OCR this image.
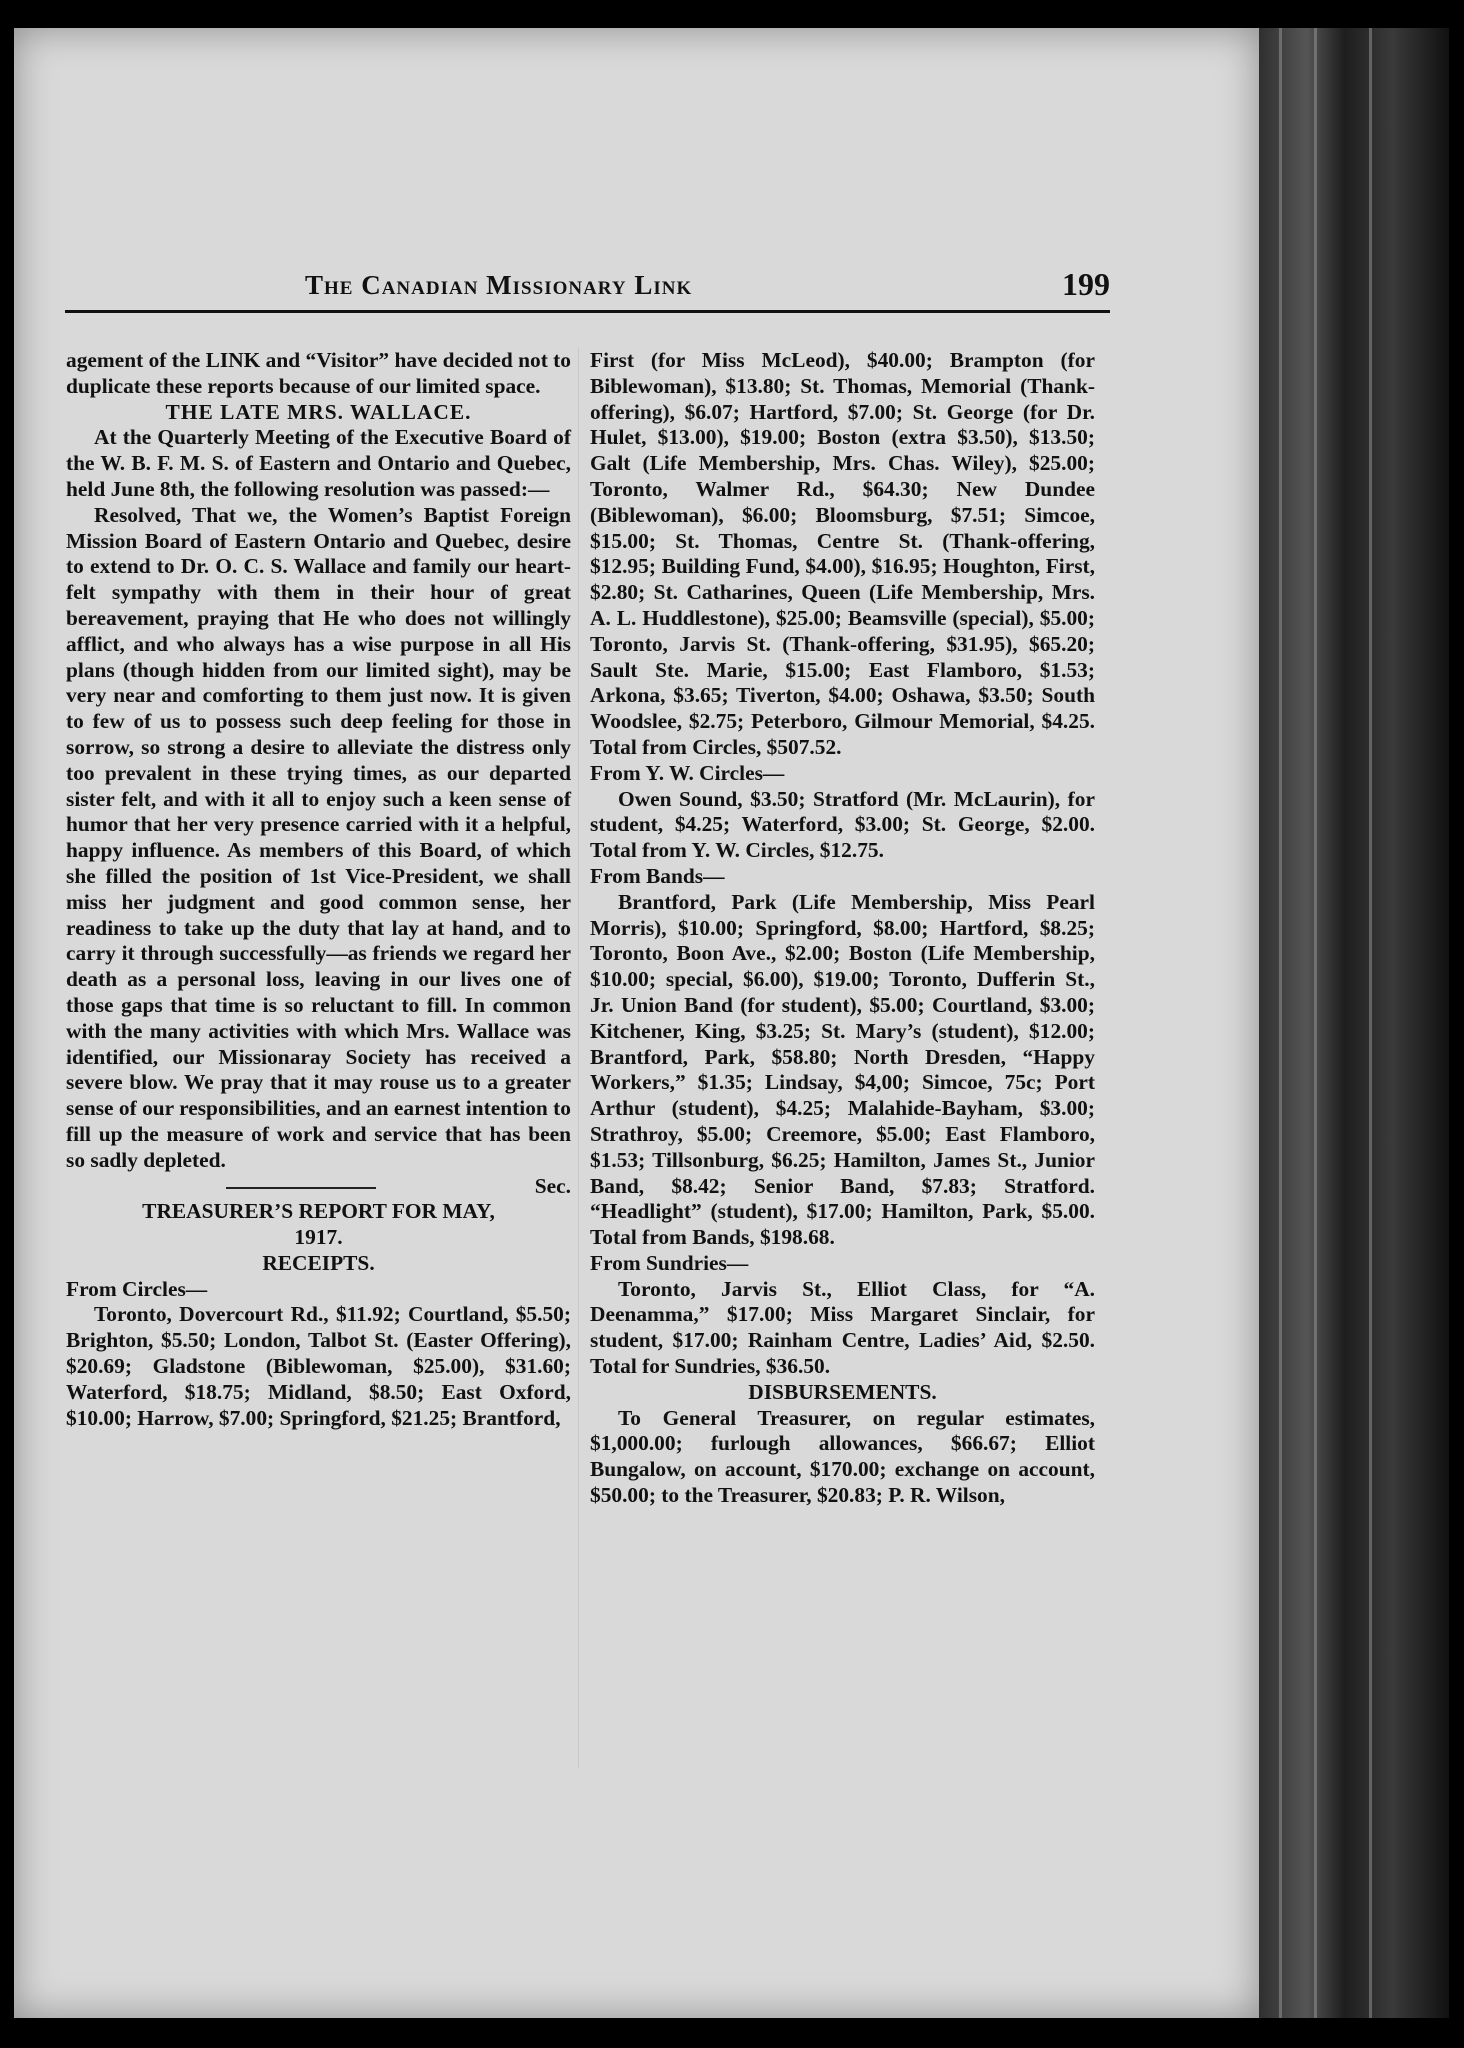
The Canadian Missionary Link	199

agement of the LINK and “Visitor” have decided not to duplicate these reports because of our limited space.

THE LATE MRS. WALLACE.

At the Quarterly Meeting of the Executive Board of the W. B. F. M. S. of Eastern and Ontario and Quebec, held June 8th, the following resolution was passed:—

Resolved, That we, the Women’s Baptist Foreign Mission Board of Eastern Ontario and Quebec, desire to extend to Dr. O. C. S. Wallace and family our heart-felt sympathy with them in their hour of great bereavement, praying that He who does not willingly afflict, and who always has a wise purpose in all His plans (though hidden from our limited sight), may be very near and comforting to them just now. It is given to few of us to possess such deep feeling for those in sorrow, so strong a desire to alleviate the distress only too prevalent in these trying times, as our departed sister felt, and with it all to enjoy such a keen sense of humor that her very presence carried with it a helpful, happy influence. As members of this Board, of which she filled the position of 1st Vice-President, we shall miss her judgment and good common sense, her readiness to take up the duty that lay at hand, and to carry it through successfully—as friends we regard her death as a personal loss, leaving in our lives one of those gaps that time is so reluctant to fill. In common with the many activities with which Mrs. Wallace was identified, our Missionaray Society has received a severe blow. We pray that it may rouse us to a greater sense of our responsibilities, and an earnest intention to fill up the measure of work and service that has been so sadly depleted.

Sec.

TREASURER’S REPORT FOR MAY,

1917.

RECEIPTS.

From Circles—

Toronto, Dovercourt Rd., $11.92; Courtland, $5.50; Brighton, $5.50; London, Talbot St. (Easter Offering), $20.69; Gladstone (Biblewoman, $25.00), $31.60; Waterford, $18.75; Midland, $8.50; East Oxford, $10.00; Harrow, $7.00; Springford, $21.25; Brantford,

First (for Miss McLeod), $40.00; Brampton (for Biblewoman), $13.80; St. Thomas, Memorial (Thank-offering), $6.07; Hartford, $7.00; St. George (for Dr. Hulet, $13.00), $19.00; Boston (extra $3.50), $13.50; Galt (Life Membership, Mrs. Chas. Wiley), $25.00; Toronto, Walmer Rd., $64.30; New Dundee (Biblewoman), $6.00; Bloomsburg, $7.51; Simcoe, $15.00; St. Thomas, Centre St. (Thank-offering, $12.95; Building Fund, $4.00), $16.95; Houghton, First, $2.80; St. Catharines, Queen (Life Membership, Mrs. A. L. Huddlestone), $25.00; Beamsville (special), $5.00; Toronto, Jarvis St. (Thank-offering, $31.95), $65.20; Sault Ste. Marie, $15.00; East Flamboro, $1.53; Arkona, $3.65; Tiverton, $4.00; Oshawa, $3.50; South Woodslee, $2.75; Peterboro, Gilmour Memorial, $4.25. Total from Circles, $507.52.

From Y. W. Circles—

Owen Sound, $3.50; Stratford (Mr. McLaurin), for student, $4.25; Waterford, $3.00; St. George, $2.00. Total from Y. W. Circles, $12.75.

From Bands—

Brantford, Park (Life Membership, Miss Pearl Morris), $10.00; Springford, $8.00; Hartford, $8.25; Toronto, Boon Ave., $2.00; Boston (Life Membership, $10.00; special, $6.00), $19.00; Toronto, Dufferin St., Jr. Union Band (for student), $5.00; Courtland, $3.00; Kitchener, King, $3.25; St. Mary’s (student), $12.00; Brantford, Park, $58.80; North Dresden, “Happy Workers,” $1.35; Lindsay, $4,00; Simcoe, 75c; Port Arthur (student), $4.25; Malahide-Bayham, $3.00; Strathroy, $5.00; Creemore, $5.00; East Flamboro, $1.53; Tillsonburg, $6.25; Hamilton, James St., Junior Band, $8.42; Senior Band, $7.83; Stratford. “Headlight” (student), $17.00; Hamilton, Park, $5.00. Total from Bands, $198.68.

From Sundries—

Toronto, Jarvis St., Elliot Class, for “A. Deenamma,” $17.00; Miss Margaret Sinclair, for student, $17.00; Rainham Centre, Ladies’ Aid, $2.50. Total for Sundries, $36.50.

DISBURSEMENTS.

To General Treasurer, on regular estimates, $1,000.00; furlough allowances, $66.67; Elliot Bungalow, on account, $170.00; exchange on account, $50.00; to the Treasurer, $20.83; P. R. Wilson,
